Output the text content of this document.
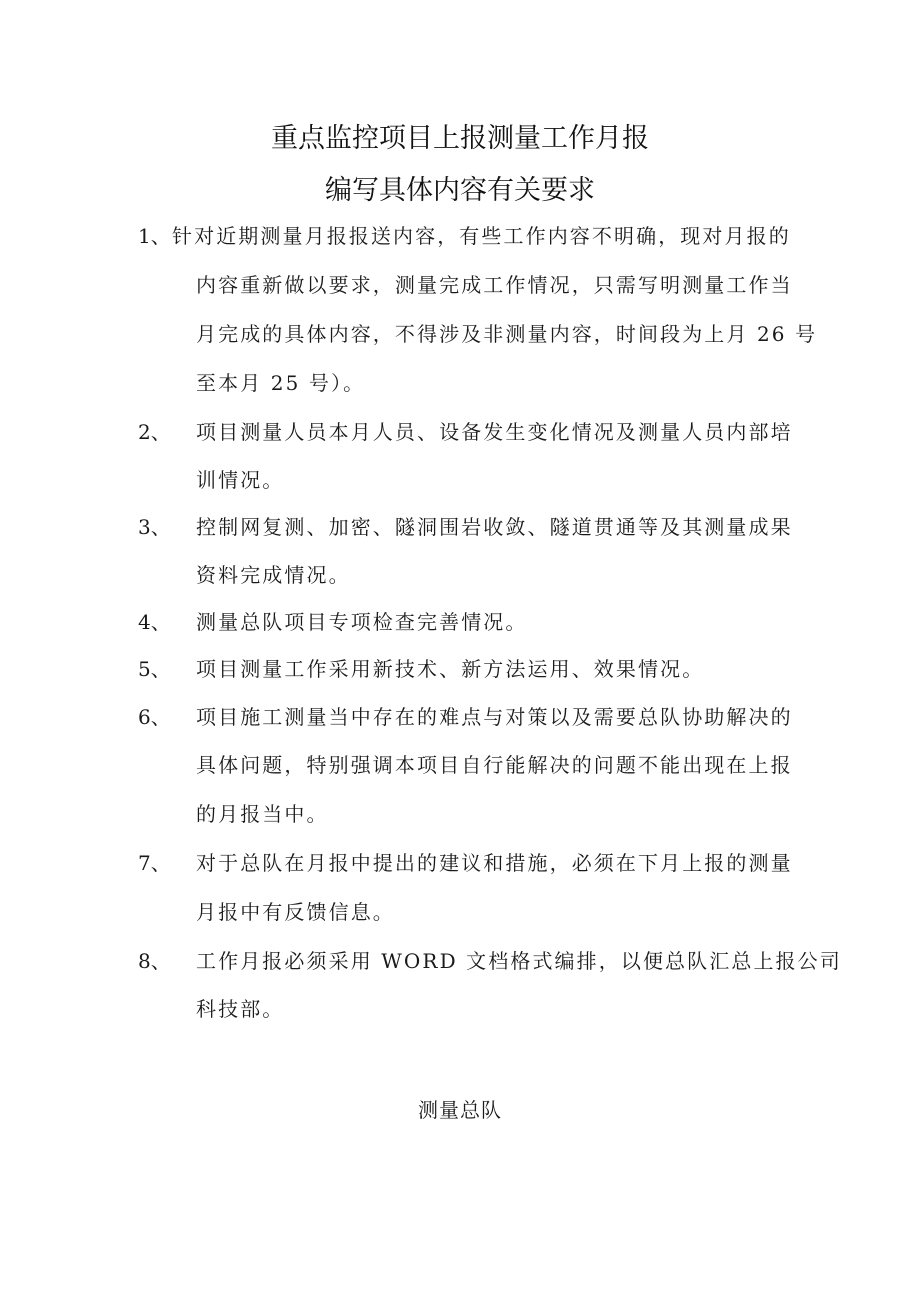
重点监控项目上报测量工作月报
编写具体内容有关要求
1、 针对近期测量月报报送内容，有些工作内容不明确，现对月报的
内容重新做以要求，测量完成工作情况，只需写明测量工作当
月完成的具体内容，不得涉及非测量内容，时间段为上月 26 号
至本月 25 号）。
2、 项目测量人员本月人员、设备发生变化情况及测量人员内部培
训情况。
3、 控制网复测、加密、隧洞围岩收敛、隧道贯通等及其测量成果
资料完成情况。
4、 测量总队项目专项检查完善情况。
5、 项目测量工作采用新技术、新方法运用、效果情况。
6、 项目施工测量当中存在的难点与对策以及需要总队协助解决的
具体问题，特别强调本项目自行能解决的问题不能出现在上报
的月报当中。
7、 对于总队在月报中提出的建议和措施，必须在下月上报的测量
月报中有反馈信息。
8、 工作月报必须采用 WORD 文档格式编排，以便总队汇总上报公司
科技部。
测量总队
